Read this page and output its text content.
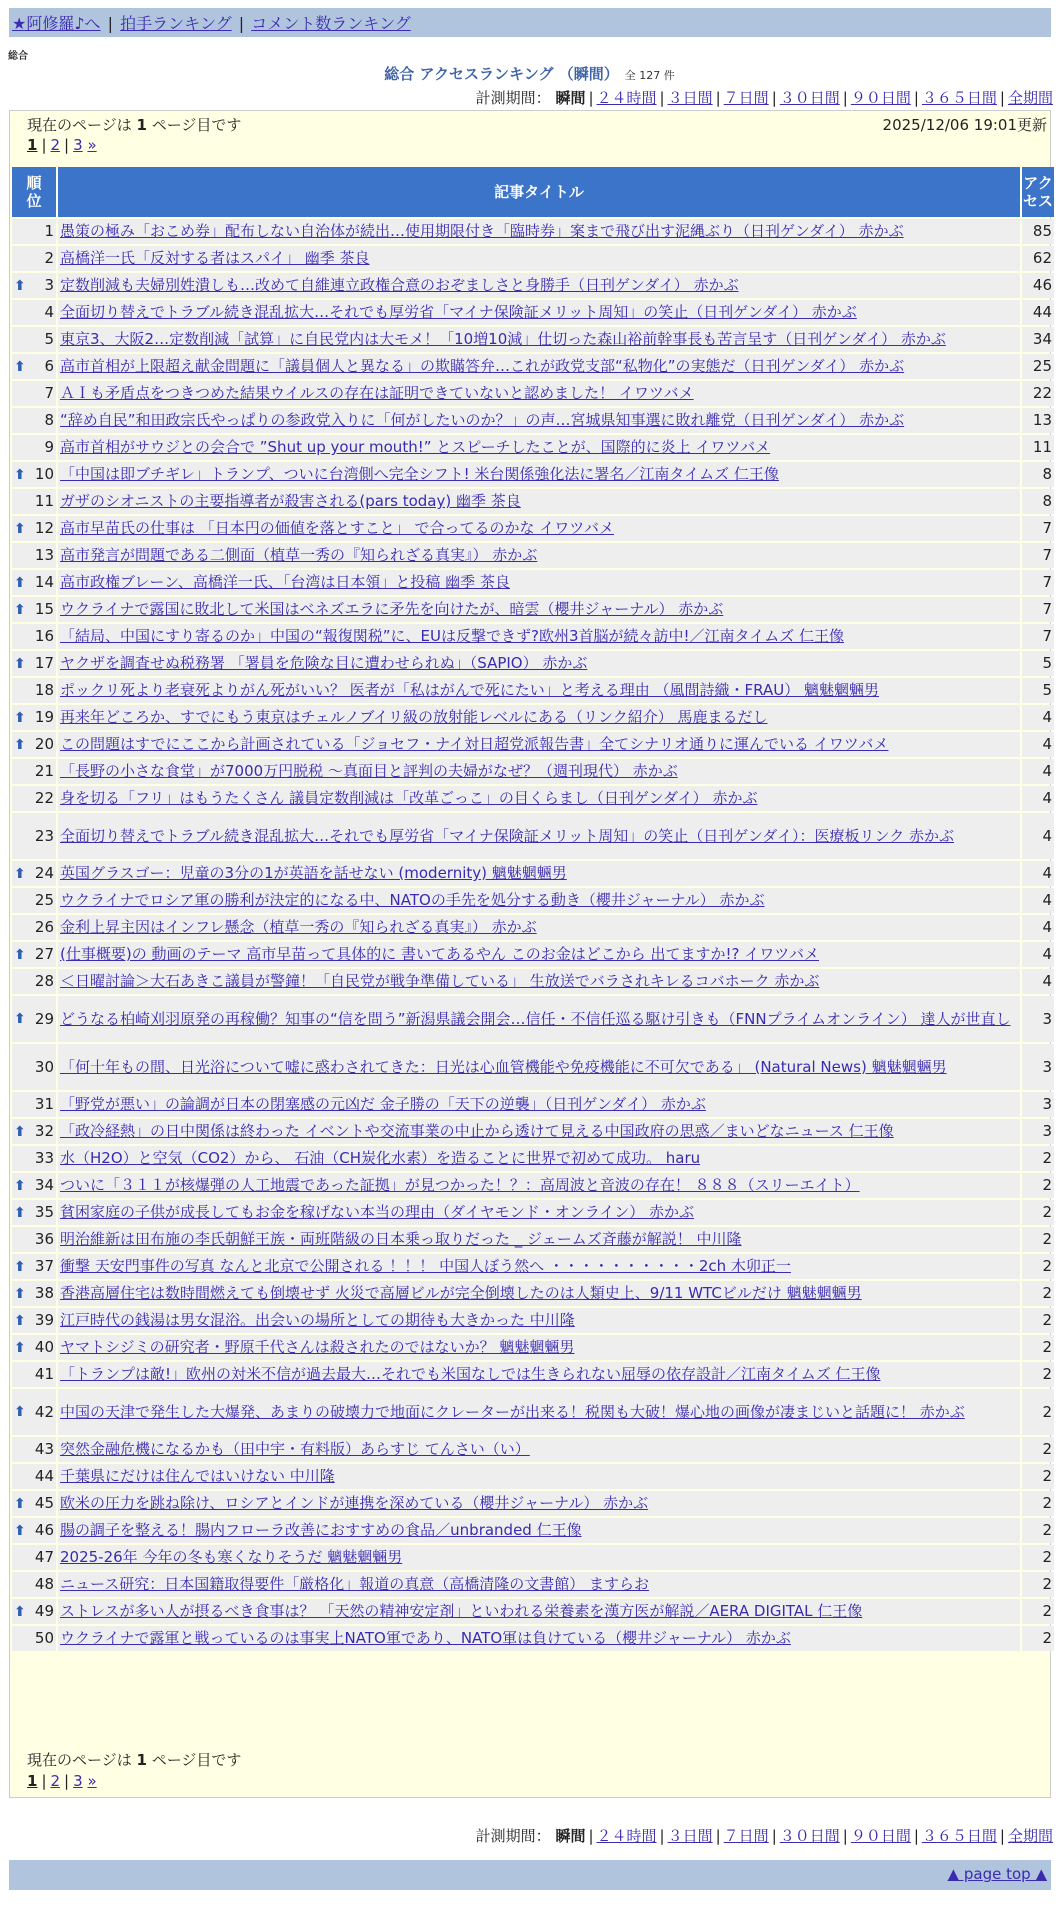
★阿修羅♪へ | 拍手ランキング | コメント数ランキング
総合
総合 アクセスランキング （瞬間） 全 127 件
計測期間： 瞬間 | ２４時間 | ３日間 | ７日間 | ３０日間 | ９０日間 | ３６５日間 | 全期間
現在のページは 1 ページ目です	2025/12/06 19:01更新
1 | 2 | 3 »
順位	記事タイトル	アクセス
1	愚策の極み「おこめ券」配布しない自治体が続出…使用期限付き「臨時券」案まで飛び出す泥縄ぶり（日刊ゲンダイ） 赤かぶ	85
2	高橋洋一氏「反対する者はスパイ」 幽季 茶良	62

⬆ 3	定数削減も夫婦別姓潰しも…改めて自維連立政権合意のおぞましさと身勝手（日刊ゲンダイ） 赤かぶ	46
4	全面切り替えでトラブル続き混乱拡大…それでも厚労省「マイナ保険証メリット周知」の笑止（日刊ゲンダイ） 赤かぶ	44
5	東京3、大阪2…定数削減「試算」に自民党内は大モメ！「10増10減」仕切った森山裕前幹事長も苦言呈す（日刊ゲンダイ） 赤かぶ	34

⬆ 6	高市首相が上限超え献金問題に「議員個人と異なる」の欺瞞答弁…これが政党支部“私物化”の実態だ（日刊ゲンダイ） 赤かぶ	25
7	ＡＩも矛盾点をつきつめた結果ウイルスの存在は証明できていないと認めました！ イワツバメ	22
8	“辞め自民”和田政宗氏やっぱりの参政党入りに「何がしたいのか？」の声…宮城県知事選に敗れ離党（日刊ゲンダイ） 赤かぶ	13
9	高市首相がサウジとの会合で ”Shut up your mouth!” とスピーチしたことが、国際的に炎上 イワツバメ	11

⬆ 10	「中国は即ブチギレ」トランプ、ついに台湾側へ完全シフト! 米台関係強化法に署名／江南タイムズ 仁王像	8
11	ガザのシオニストの主要指導者が殺害される(pars today) 幽季 茶良	8

⬆ 12	高市早苗氏の仕事は 「日本円の価値を落とすこと」 で合ってるのかな イワツバメ	7
13	高市発言が問題である二側面（植草一秀の『知られざる真実』） 赤かぶ	7

⬆ 14	高市政権ブレーン、高橋洋一氏、「台湾は日本領」と投稿 幽季 茶良	7

⬆ 15	ウクライナで露国に敗北して米国はベネズエラに矛先を向けたが、暗雲（櫻井ジャーナル） 赤かぶ	7
16	「結局、中国にすり寄るのか」中国の“報復関税”に、EUは反撃できず?欧州3首脳が続々訪中!／江南タイムズ 仁王像	7

⬆ 17	ヤクザを調査せぬ税務署 「署員を危険な目に遭わせられぬ」（SAPIO） 赤かぶ	5
18	ポックリ死より老衰死よりがん死がいい？ 医者が「私はがんで死にたい」と考える理由 （風間詩織・FRAU） 魑魅魍魎男	5

⬆ 19	再来年どころか、すでにもう東京はチェルノブイリ級の放射能レベルにある（リンク紹介） 馬鹿まるだし	4

⬆ 20	この問題はすでにここから計画されている「ジョセフ・ナイ対日超党派報告書」全てシナリオ通りに運んでいる イワツバメ	4
21	「長野の小さな食堂」が7000万円脱税 ～真面目と評判の夫婦がなぜ？（週刊現代） 赤かぶ	4
22	身を切る「フリ」はもうたくさん 議員定数削減は「改革ごっこ」の目くらまし（日刊ゲンダイ） 赤かぶ	4
23	全面切り替えでトラブル続き混乱拡大…それでも厚労省「マイナ保険証メリット周知」の笑止（日刊ゲンダイ）：医療板リンク 赤かぶ	4

⬆ 24	英国グラスゴー：児童の3分の1が英語を話せない (modernity) 魑魅魍魎男	4
25	ウクライナでロシア軍の勝利が決定的になる中、NATOの手先を処分する動き（櫻井ジャーナル） 赤かぶ	4
26	金利上昇主因はインフレ懸念（植草一秀の『知られざる真実』） 赤かぶ	4

⬆ 27	(仕事概要)の 動画のテーマ 高市早苗って具体的に 書いてあるやん このお金はどこから 出てますか!? イワツバメ	4
28	＜日曜討論＞大石あきこ議員が警鐘！「自民党が戦争準備している」 生放送でバラされキレるコバホーク 赤かぶ	4

⬆ 29	どうなる柏崎刈羽原発の再稼働？知事の“信を問う”新潟県議会開会…信任・不信任巡る駆け引きも（FNNプライムオンライン） 達人が世直し	3
30	「何十年もの間、日光浴について嘘に惑わされてきた：日光は心血管機能や免疫機能に不可欠である」 (Natural News) 魑魅魍魎男	3
31	「野党が悪い」の論調が日本の閉塞感の元凶だ 金子勝の「天下の逆襲」（日刊ゲンダイ） 赤かぶ	3

⬆ 32	「政冷経熱」の日中関係は終わった イベントや交流事業の中止から透けて見える中国政府の思惑／まいどなニュース 仁王像	3
33	水（H2O）と空気（CO2）から、 石油（CH炭化水素）を造ることに世界で初めて成功。 haru	2

⬆ 34	ついに「３１１が核爆弾の人工地震であった証拠」が見つかった！？：高周波と音波の存在！ ８８８（スリーエイト）	2

⬆ 35	貧困家庭の子供が成長してもお金を稼げない本当の理由（ダイヤモンド・オンライン） 赤かぶ	2
36	明治維新は田布施の李氏朝鮮王族・両班階級の日本乗っ取りだった _ ジェームズ斉藤が解説！ 中川隆	2

⬆ 37	衝撃 天安門事件の写真 なんと北京で公開される ！！！ 中国人ぼう然へ ・・・・・・・・・・2ch 木卯正一	2

⬆ 38	香港高層住宅は数時間燃えても倒壊せず 火災で高層ビルが完全倒壊したのは人類史上、9/11 WTCビルだけ 魑魅魍魎男	2

⬆ 39	江戸時代の銭湯は男女混浴。出会いの場所としての期待も大きかった 中川隆	2

⬆ 40	ヤマトシジミの研究者・野原千代さんは殺されたのではないか？ 魑魅魍魎男	2
41	「トランプは敵!」欧州の対米不信が過去最大…それでも米国なしでは生きられない屈辱の依存設計／江南タイムズ 仁王像	2

⬆ 42	中国の天津で発生した大爆発、あまりの破壊力で地面にクレーターが出来る！税関も大破！爆心地の画像が凄まじいと話題に！ 赤かぶ	2
43	突然金融危機になるかも（田中宇・有料版）あらすじ てんさい（い）	2
44	千葉県にだけは住んではいけない 中川隆	2

⬆ 45	欧米の圧力を跳ね除け、ロシアとインドが連携を深めている（櫻井ジャーナル） 赤かぶ	2

⬆ 46	腸の調子を整える！腸内フローラ改善におすすめの食品／unbranded 仁王像	2
47	2025-26年 今年の冬も寒くなりそうだ 魑魅魍魎男	2
48	ニュース研究：日本国籍取得要件「厳格化」報道の真意（高橋清隆の文書館） ますらお	2

⬆ 49	ストレスが多い人が摂るべき食事は？ 「天然の精神安定剤」といわれる栄養素を漢方医が解説／AERA DIGITAL 仁王像	2
50	ウクライナで露軍と戦っているのは事実上NATO軍であり、NATO軍は負けている（櫻井ジャーナル） 赤かぶ	2
現在のページは 1 ページ目です
1 | 2 | 3 »
計測期間： 瞬間 | ２４時間 | ３日間 | ７日間 | ３０日間 | ９０日間 | ３６５日間 | 全期間
▲ page top ▲
